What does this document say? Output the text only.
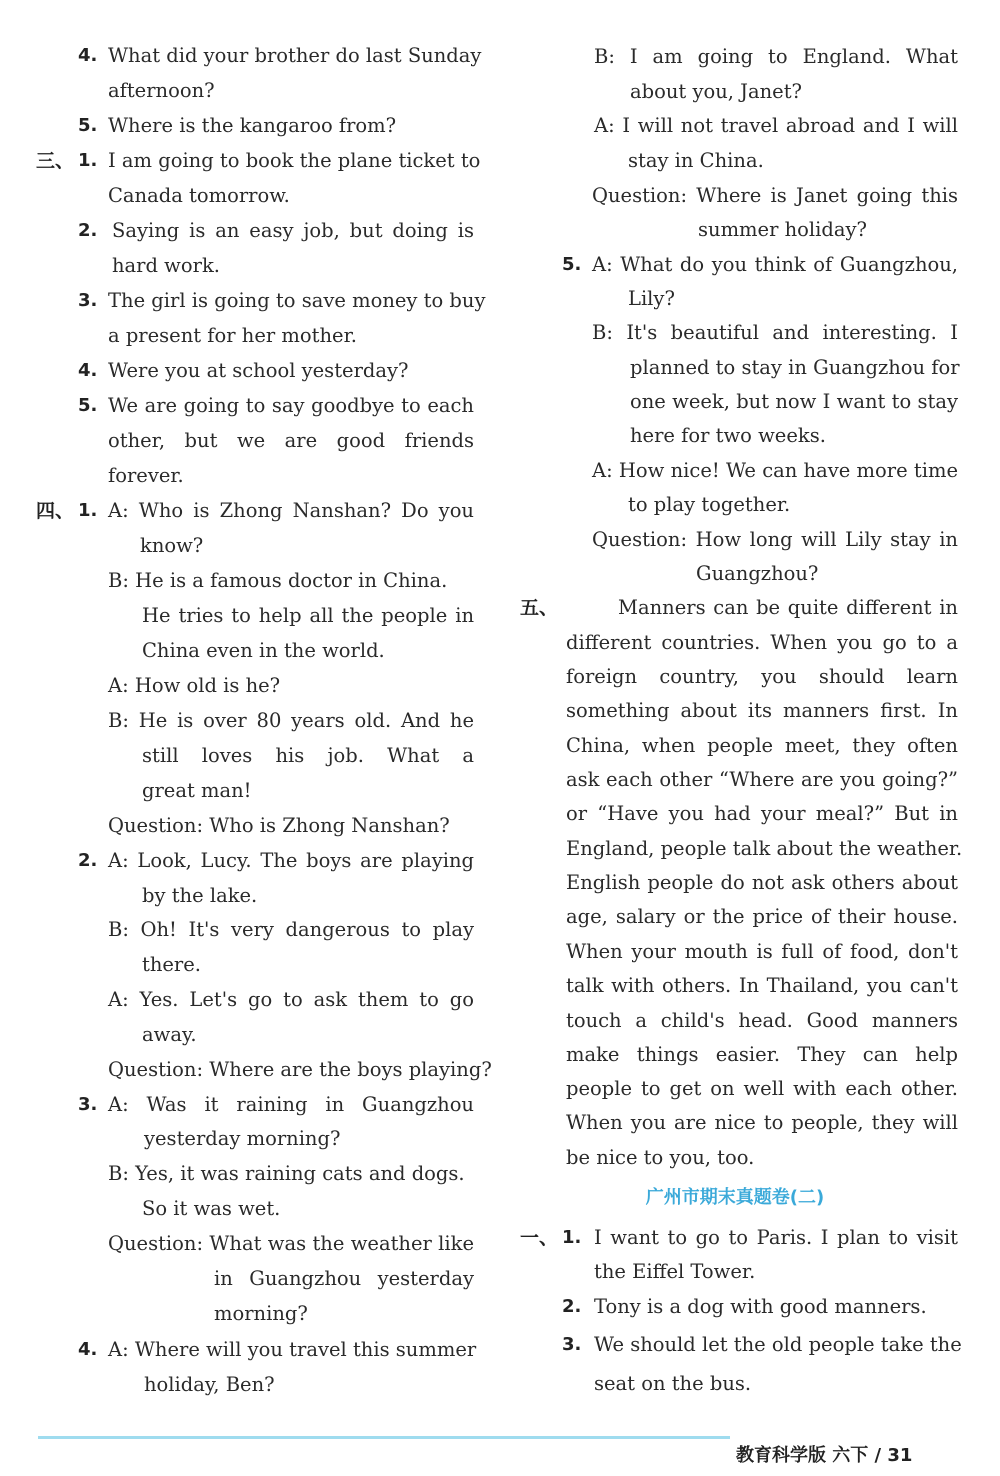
4. What did your brother do last Sunday
afternoon?
5. Where is the kangaroo from?
三、 1. I am going to book the plane ticket to
Canada tomorrow.
2. Saying is an easy job, but doing is
hard work.
3. The girl is going to save money to buy
a present for her mother.
4. Were you at school yesterday?
5. We are going to say goodbye to each
other, but we are good friends
forever.
四、 1. A: Who is Zhong Nanshan? Do you
know?
B: He is a famous doctor in China.
He tries to help all the people in
China even in the world.
A: How old is he?
B: He is over 80 years old. And he
still loves his job. What a
great man!
Question: Who is Zhong Nanshan?
2. A: Look, Lucy. The boys are playing
by the lake.
B: Oh! It's very dangerous to play
there.
A: Yes. Let's go to ask them to go
away.
Question: Where are the boys playing?
3. A: Was it raining in Guangzhou
yesterday morning?
B: Yes, it was raining cats and dogs.
So it was wet.
Question: What was the weather like
in Guangzhou yesterday
morning?
4. A: Where will you travel this summer
holiday, Ben?
B: I am going to England. What
about you, Janet?
A: I will not travel abroad and I will
stay in China.
Question: Where is Janet going this
summer holiday?
5. A: What do you think of Guangzhou,
Lily?
B: It's beautiful and interesting. I
planned to stay in Guangzhou for
one week, but now I want to stay
here for two weeks.
A: How nice! We can have more time
to play together.
Question: How long will Lily stay in
Guangzhou?
五、	Manners can be quite different in
different countries. When you go to a
foreign country, you should learn
something about its manners first. In
China, when people meet, they often
ask each other “Where are you going?”
or “Have you had your meal?” But in
England, people talk about the weather.
English people do not ask others about
age, salary or the price of their house.
When your mouth is full of food, don't
talk with others. In Thailand, you can't
touch a child's head. Good manners
make things easier. They can help
people to get on well with each other.
When you are nice to people, they will
be nice to you, too.
广州市期末真题卷(二)
一、 1. I want to go to Paris. I plan to visit
the Eiffel Tower.
2. Tony is a dog with good manners.
3. We should let the old people take the
seat on the bus.
教育科学版 六下 / 31
